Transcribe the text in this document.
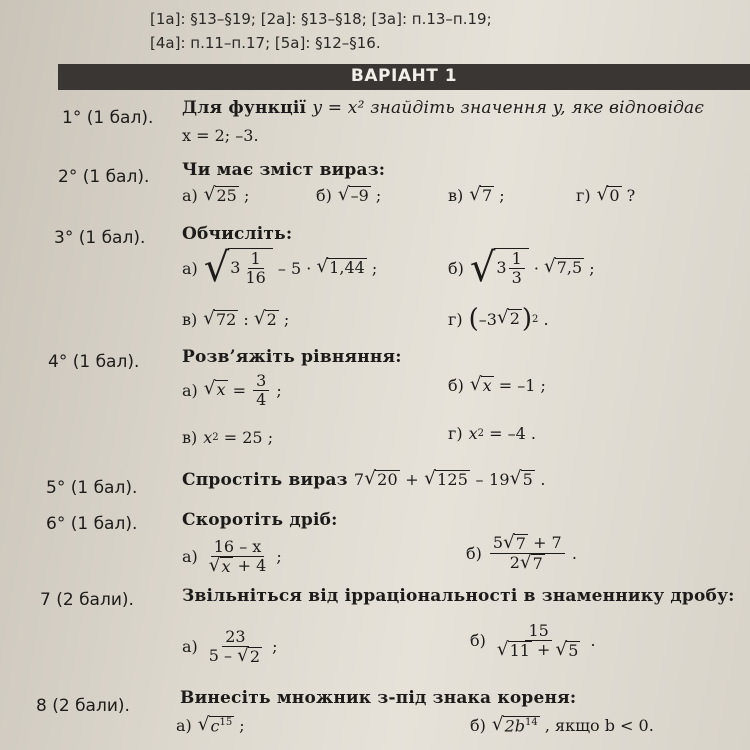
[1а]: §13–§19; [2а]: §13–§18; [3а]: п.13–п.19;
[4а]: п.11–п.17; [5а]: §12–§16.
ВАРІАНТ 1
1° (1 бал). Для функції y = x² знайдіть значення y, яке відповідає
x = 2; –3.
2° (1 бал). Чи має зміст вираз:
а) √ 25 ;	б) √ –9 ;	в) √ 7 ;	г) √ 0 ?
3° (1 бал). Обчисліть:
а) √ $3 \frac{1}{16}$
– 5 ·
√ 1,44 ;	б) √ $3 \frac{1}{3}$ · √ 7,5 ;
в) √ 72 : √ 2 ;	г) ( –3 √ 2 ) 2 .
4° (1 бал).	Розв’яжіть рівняння:
а) √ $x = \frac{3}{4}$ ;	б) √ x
= –1 ;
в) x 2
= 25 ;	г) x 2
= –4 .
5° (1 бал).	Спростіть вираз
7 √ 20 + √ 125
– 19 √ 5 .
6° (1 бал).	Скоротіть дріб:
$а) \frac{16 - x}{√ x + 4}$ ;	$б) \frac{5 √ 7 + 7}{2 √ 7}$ .
7 (2 бали).	Звільніться від ірраціональності в знаменнику дробу:
$а) \frac{23}{5 - √ 2}$ ;	$б) \frac{15}{√ 11 + √ 5}$ .
8 (2 бали).	Винесіть множник з-під знака кореня:
а) √ $c^{15}$ ;	б) √ $2b^{14}$
, якщо b < 0.
